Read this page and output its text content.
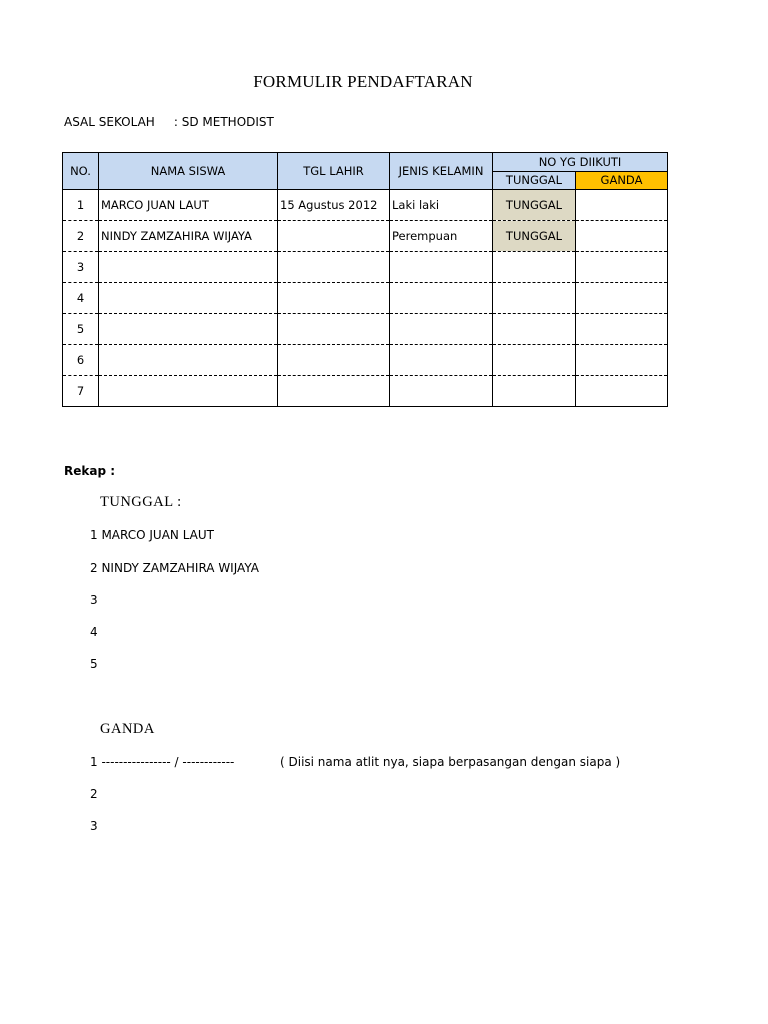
FORMULIR PENDAFTARAN
ASAL SEKOLAH : SD METHODIST
NO.	NAMA SISWA	TGL LAHIR	JENIS KELAMIN	NO YG DIIKUTI	
				TUNGGAL	GANDA
1	MARCO JUAN LAUT	15 Agustus 2012	Laki laki	TUNGGAL	
2	NINDY ZAMZAHIRA WIJAYA		Perempuan	TUNGGAL	
3					
4					
5					
6					
7					
Rekap :
TUNGGAL :
1 MARCO JUAN LAUT
2 NINDY ZAMZAHIRA WIJAYA
3
4
5
GANDA
1 ---------------- / ------------	( Diisi nama atlit nya, siapa berpasangan dengan siapa )
2
3
